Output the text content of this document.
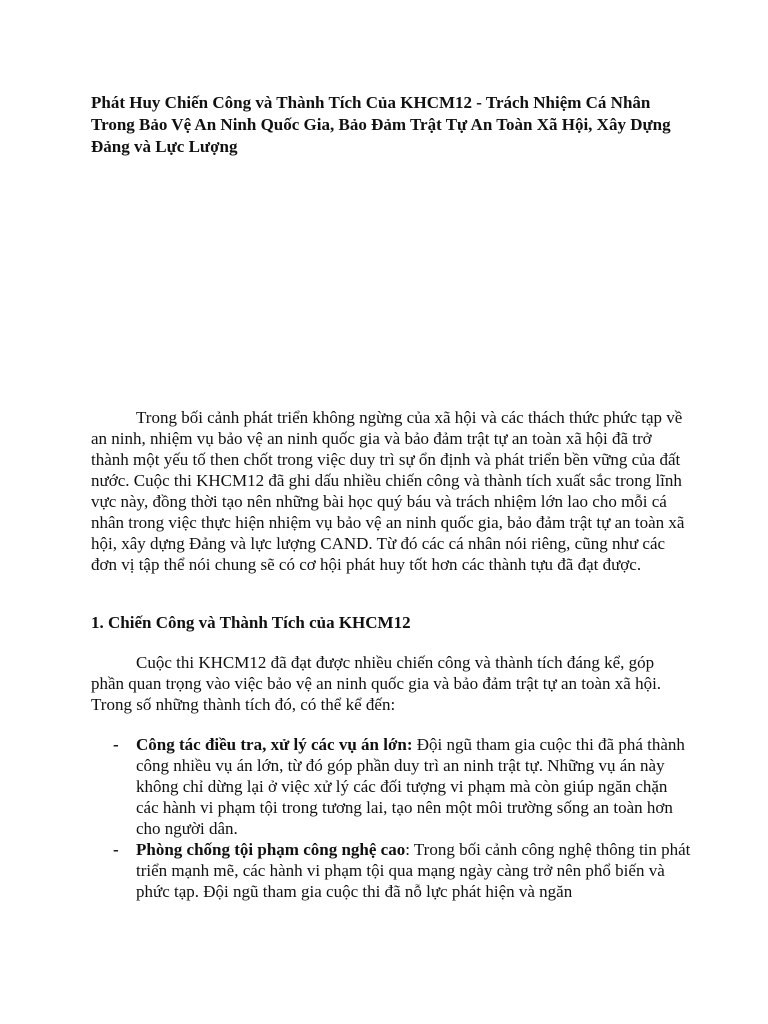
Phát Huy Chiến Công và Thành Tích Của KHCM12 - Trách Nhiệm Cá Nhân Trong Bảo Vệ An Ninh Quốc Gia, Bảo Đảm Trật Tự An Toàn Xã Hội, Xây Dựng Đảng và Lực Lượng

Trong bối cảnh phát triển không ngừng của xã hội và các thách thức phức tạp về an ninh, nhiệm vụ bảo vệ an ninh quốc gia và bảo đảm trật tự an toàn xã hội đã trở thành một yếu tố then chốt trong việc duy trì sự ổn định và phát triển bền vững của đất nước. Cuộc thi KHCM12 đã ghi dấu nhiều chiến công và thành tích xuất sắc trong lĩnh vực này, đồng thời tạo nên những bài học quý báu và trách nhiệm lớn lao cho mỗi cá nhân trong việc thực hiện nhiệm vụ bảo vệ an ninh quốc gia, bảo đảm trật tự an toàn xã hội, xây dựng Đảng và lực lượng CAND. Từ đó các cá nhân nói riêng, cũng như các đơn vị tập thể nói chung sẽ có cơ hội phát huy tốt hơn các thành tựu đã đạt được.

1. Chiến Công và Thành Tích của KHCM12

Cuộc thi KHCM12 đã đạt được nhiều chiến công và thành tích đáng kể, góp phần quan trọng vào việc bảo vệ an ninh quốc gia và bảo đảm trật tự an toàn xã hội. Trong số những thành tích đó, có thể kể đến:

- Công tác điều tra, xử lý các vụ án lớn: Đội ngũ tham gia cuộc thi đã phá thành công nhiều vụ án lớn, từ đó góp phần duy trì an ninh trật tự. Những vụ án này không chỉ dừng lại ở việc xử lý các đối tượng vi phạm mà còn giúp ngăn chặn các hành vi phạm tội trong tương lai, tạo nên một môi trường sống an toàn hơn cho người dân.
- Phòng chống tội phạm công nghệ cao: Trong bối cảnh công nghệ thông tin phát triển mạnh mẽ, các hành vi phạm tội qua mạng ngày càng trở nên phổ biến và phức tạp. Đội ngũ tham gia cuộc thi đã nỗ lực phát hiện và ngăn
